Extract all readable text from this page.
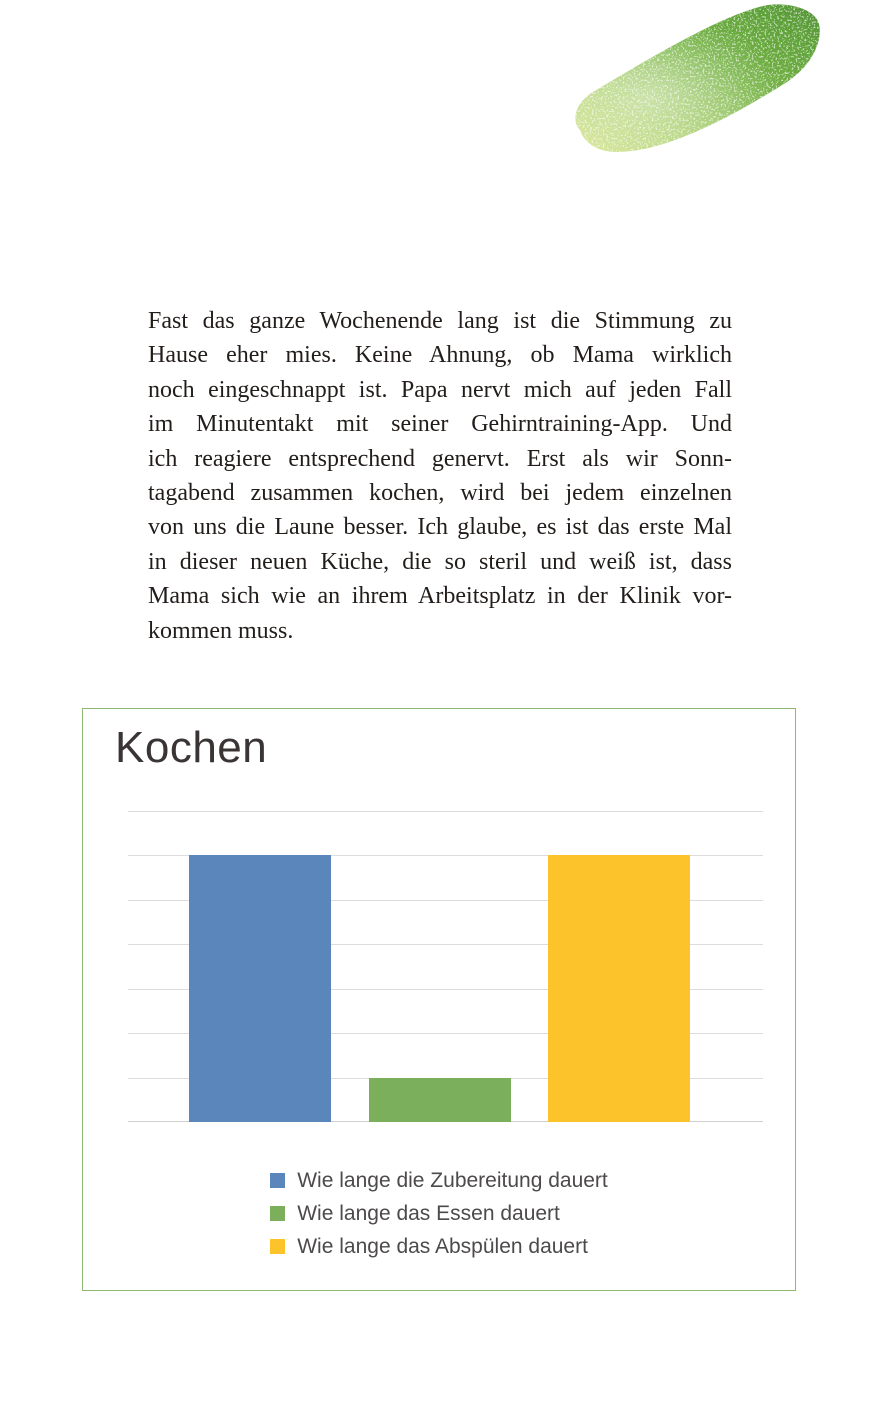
Fast das ganze Wochenende lang ist die Stimmung zu
Hause eher mies. Keine Ahnung, ob Mama wirklich
noch eingeschnappt ist. Papa nervt mich auf jeden Fall
im Minutentakt mit seiner Gehirntraining-App. Und
ich reagiere entsprechend genervt. Erst als wir Sonn-
tagabend zusammen kochen, wird bei jedem einzelnen
von uns die Laune besser. Ich glaube, es ist das erste Mal
in dieser neuen Küche, die so steril und weiß ist, dass
Mama sich wie an ihrem Arbeitsplatz in der Klinik vor-
kommen muss.
Kochen
Wie lange die Zubereitung dauert
Wie lange das Essen dauert
Wie lange das Abspülen dauert
